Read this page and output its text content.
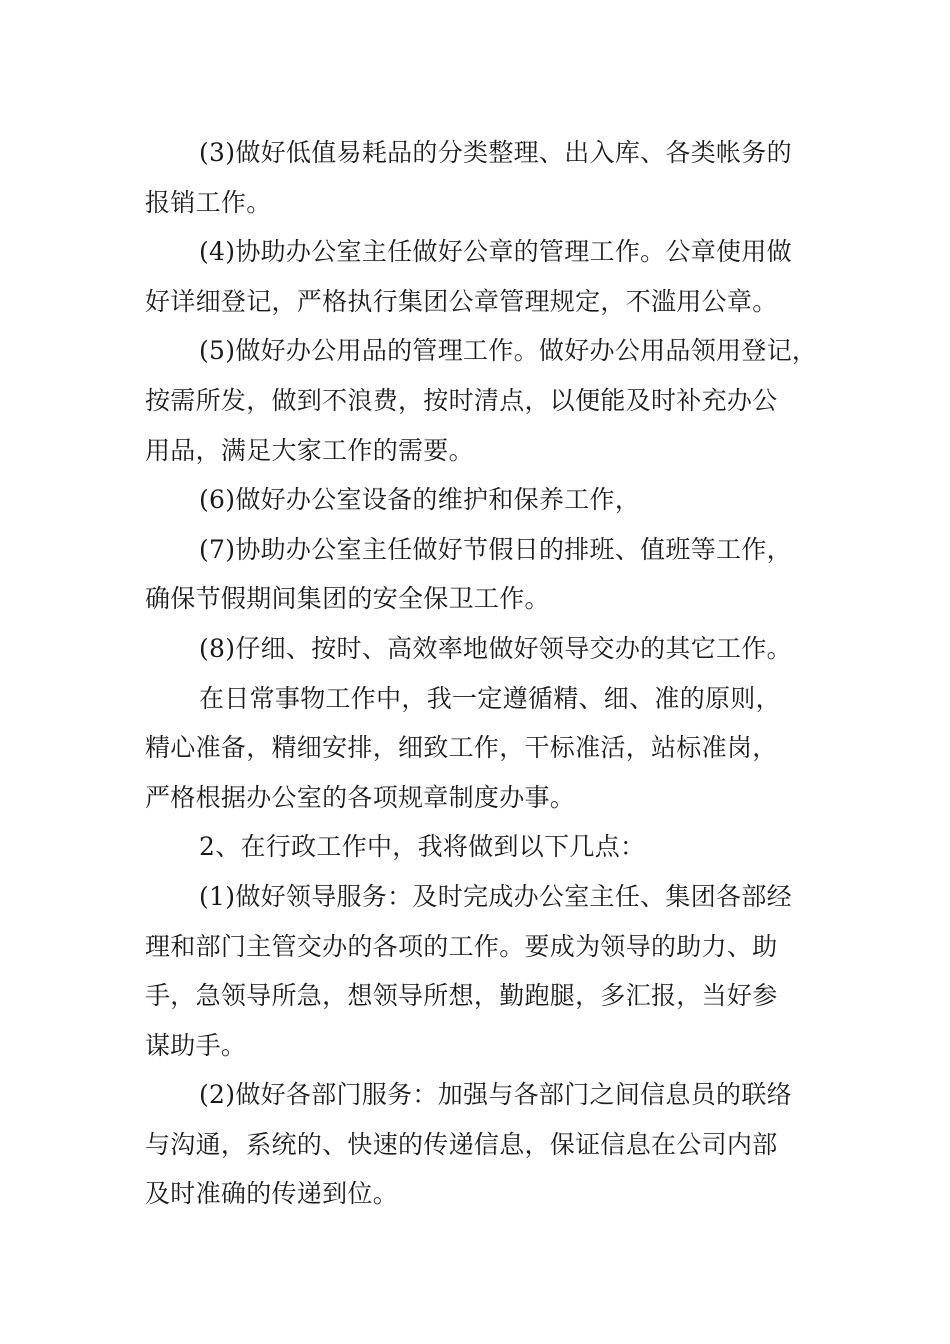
(3)做好低值易耗品的分类整理、出入库、各类帐务的
报销工作。
(4)协助办公室主任做好公章的管理工作。公章使用做
好详细登记，严格执行集团公章管理规定，不滥用公章。
(5)做好办公用品的管理工作。做好办公用品领用登记，
按需所发，做到不浪费，按时清点，以便能及时补充办公
用品，满足大家工作的需要。
(6)做好办公室设备的维护和保养工作，
(7)协助办公室主任做好节假日的排班、值班等工作，
确保节假期间集团的安全保卫工作。
(8)仔细、按时、高效率地做好领导交办的其它工作。
在日常事物工作中，我一定遵循精、细、准的原则，
精心准备，精细安排，细致工作，干标准活，站标准岗，
严格根据办公室的各项规章制度办事。
2、在行政工作中，我将做到以下几点：
(1)做好领导服务：及时完成办公室主任、集团各部经
理和部门主管交办的各项的工作。要成为领导的助力、助
手，急领导所急，想领导所想，勤跑腿，多汇报，当好参
谋助手。
(2)做好各部门服务：加强与各部门之间信息员的联络
与沟通，系统的、快速的传递信息，保证信息在公司内部
及时准确的传递到位。
